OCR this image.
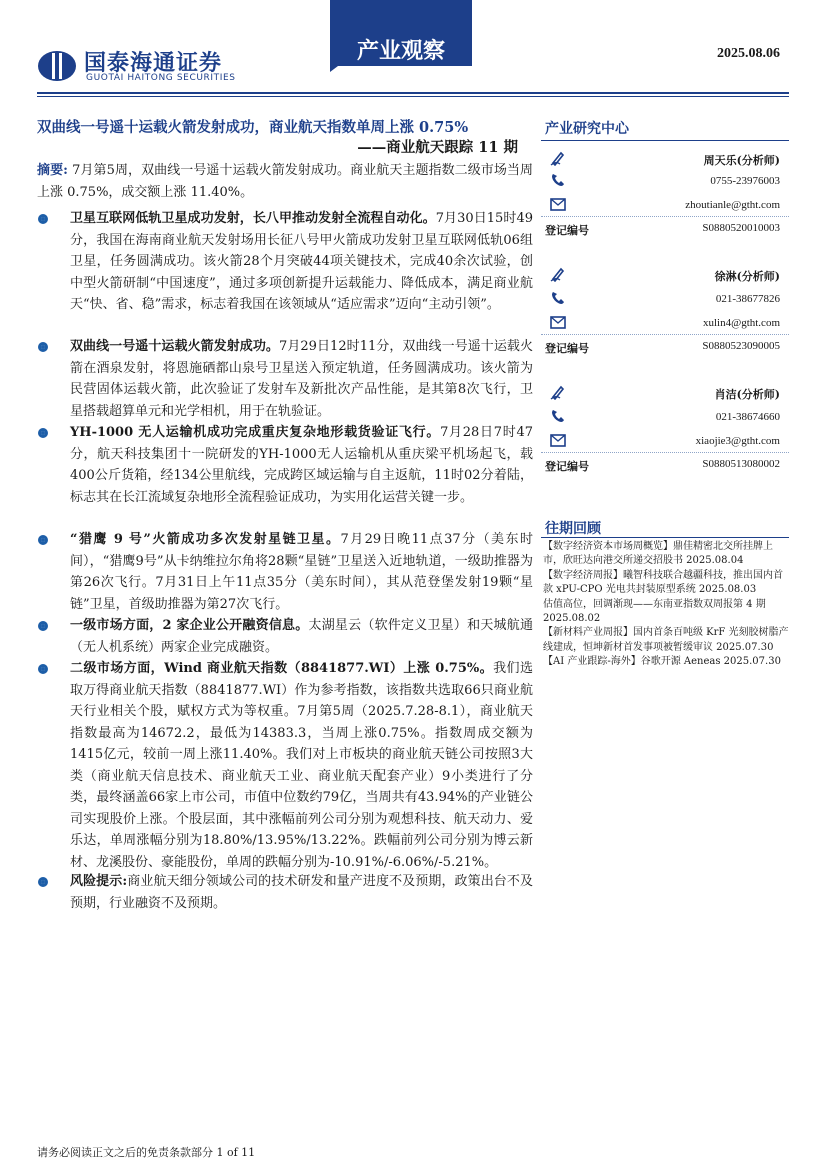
国泰海通证券
GUOTAI HAITONG SECURITIES
产业观察	2025.08.06
双曲线一号遥十运载火箭发射成功，商业航天指数单周上涨 0.75%
——商业航天跟踪 11 期
摘要: 7月第5周，双曲线一号遥十运载火箭发射成功。商业航天主题指数二级市场当周上涨 0.75%，成交额上涨 11.40%。
卫星互联网低轨卫星成功发射，长八甲推动发射全流程自动化。7月30日15时49分，我国在海南商业航天发射场用长征八号甲火箭成功发射卫星互联网低轨06组卫星，任务圆满成功。该火箭28个月突破44项关键技术，完成40余次试验，创中型火箭研制“中国速度”，通过多项创新提升运载能力、降低成本，满足商业航天“快、省、稳”需求，标志着我国在该领域从“适应需求”迈向“主动引领”。
双曲线一号遥十运载火箭发射成功。7月29日12时11分，双曲线一号遥十运载火箭在酒泉发射，将恩施硒都山泉号卫星送入预定轨道，任务圆满成功。该火箭为民营固体运载火箭，此次验证了发射车及新批次产品性能，是其第8次飞行，卫星搭载超算单元和光学相机，用于在轨验证。
YH-1000 无人运输机成功完成重庆复杂地形载货验证飞行。7月28日7时47分，航天科技集团十一院研发的YH-1000无人运输机从重庆梁平机场起飞，载400公斤货箱，经134公里航线，完成跨区域运输与自主返航，11时02分着陆，标志其在长江流域复杂地形全流程验证成功，为实用化运营关键一步。
“猎鹰 9 号”火箭成功多次发射星链卫星。7月29日晚11点37分（美东时间），“猎鹰9号”从卡纳维拉尔角将28颗“星链”卫星送入近地轨道，一级助推器为第26次飞行。7月31日上午11点35分（美东时间），其从范登堡发射19颗“星链”卫星，首级助推器为第27次飞行。
一级市场方面，2 家企业公开融资信息。太湖星云（软件定义卫星）和天城航通（无人机系统）两家企业完成融资。
二级市场方面，Wind 商业航天指数（8841877.WI）上涨 0.75%。我们选取万得商业航天指数（8841877.WI）作为参考指数，该指数共选取66只商业航天行业相关个股，赋权方式为等权重。7月第5周（2025.7.28-8.1），商业航天指数最高为14672.2，最低为14383.3，当周上涨0.75%。指数周成交额为1415亿元，较前一周上涨11.40%。我们对上市板块的商业航天链公司按照3大类（商业航天信息技术、商业航天工业、商业航天配套产业）9小类进行了分类，最终涵盖66家上市公司，市值中位数约79亿，当周共有43.94%的产业链公司实现股价上涨。个股层面，其中涨幅前列公司分别为观想科技、航天动力、爱乐达，单周涨幅分别为18.80%/13.95%/13.22%。跌幅前列公司分别为博云新材、龙溪股份、豪能股份，单周的跌幅分别为-10.91%/-6.06%/-5.21%。
风险提示:商业航天细分领域公司的技术研发和量产进度不及预期，政策出台不及预期，行业融资不及预期。
产业研究中心
周天乐(分析师)
0755-23976003
zhoutianle@gtht.com
登记编号	S0880520010003
徐淋(分析师)
021-38677826
xulin4@gtht.com
登记编号	S0880523090005
肖洁(分析师)
021-38674660
xiaojie3@gtht.com
登记编号	S0880513080002
往期回顾
【数字经济资本市场周概览】鼎佳精密北交所挂牌上市，欣旺达向港交所递交招股书 2025.08.04
【数字经济周报】曦智科技联合越疆科技，推出国内首款 xPU-CPO 光电共封装原型系统 2025.08.03
估值高位，回调渐现——东南亚指数双周报第 4 期 2025.08.02
【新材料产业周报】国内首条百吨级 KrF 光刻胶树脂产线建成，恒坤新材首发事项被暂缓审议 2025.07.30
【AI 产业跟踪-海外】谷歌开源 Aeneas 2025.07.30
请务必阅读正文之后的免责条款部分 1 of 11
